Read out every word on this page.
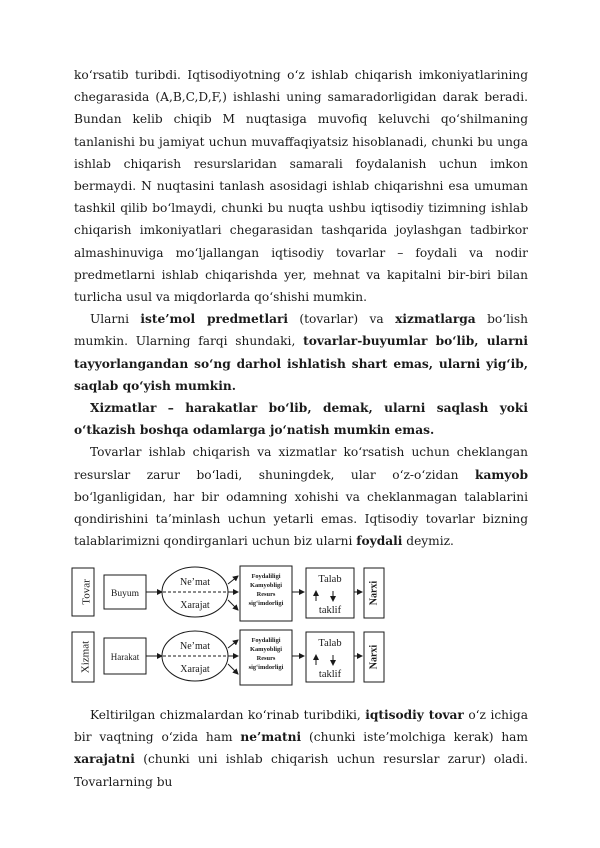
ko‘rsatib turibdi. Iqtisodiyotning o‘z ishlab chiqarish imkoniyatlarining chegarasida (A,B,C,D,F,) ishlashi uning samaradorligidan darak beradi. Bundan kelib chiqib M nuqtasiga muvofiq keluvchi qo‘shilmaning tanlanishi bu jamiyat uchun muvaffaqiyatsiz hisoblanadi, chunki bu unga ishlab chiqarish resurslaridan samarali foydalanish uchun imkon bermaydi. N nuqtasini tanlash asosidagi ishlab chiqarishni esa umuman tashkil qilib bo‘lmaydi, chunki bu nuqta ushbu iqtisodiy tizimning ishlab chiqarish imkoniyatlari chegarasidan tashqarida joylashgan tadbirkor almashinuviga mo‘ljallangan iqtisodiy tovarlar – foydali va nodir predmetlarni ishlab chiqarishda yer, mehnat va kapitalni bir-biri bilan turlicha usul va miqdorlarda qo‘shishi mumkin.

Ularni iste’mol predmetlari (tovarlar) va xizmatlarga bo‘lish mumkin. Ularning farqi shundaki, tovarlar-buyumlar bo‘lib, ularni tayyorlangandan so‘ng darhol ishlatish shart emas, ularni yig‘ib, saqlab qo‘yish mumkin.

Xizmatlar – harakatlar bo‘lib, demak, ularni saqlash yoki o‘tkazish boshqa odamlarga jo‘natish mumkin emas.

Tovarlar ishlab chiqarish va xizmatlar ko‘rsatish uchun cheklangan resurslar zarur bo‘ladi, shuningdek, ular o‘z-o‘zidan kamyob bo‘lganligidan, har bir odamning xohishi va cheklanmagan talablarini qondirishini ta’minlash uchun yetarli emas. Iqtisodiy tovarlar bizning talablarimizni qondirganlari uchun biz ularni foydali deymiz.

Tovar Buyum
Ne’mat
Xarajat
Foydaliligi
Kamyobligi
Resurs
sig‘imdorligi
Talab
taklif
Narxi
Xizmat Harakat
Ne’mat
Xarajat
Foydaliligi
Kamyobligi
Resurs
sig‘imdorligi
Talab
taklif
Narxi

Keltirilgan chizmalardan ko‘rinab turibdiki, iqtisodiy tovar o‘z ichiga bir vaqtning o‘zida ham ne’matni (chunki iste’molchiga kerak) ham xarajatni (chunki uni ishlab chiqarish uchun resurslar zarur) oladi. Tovarlarning bu
